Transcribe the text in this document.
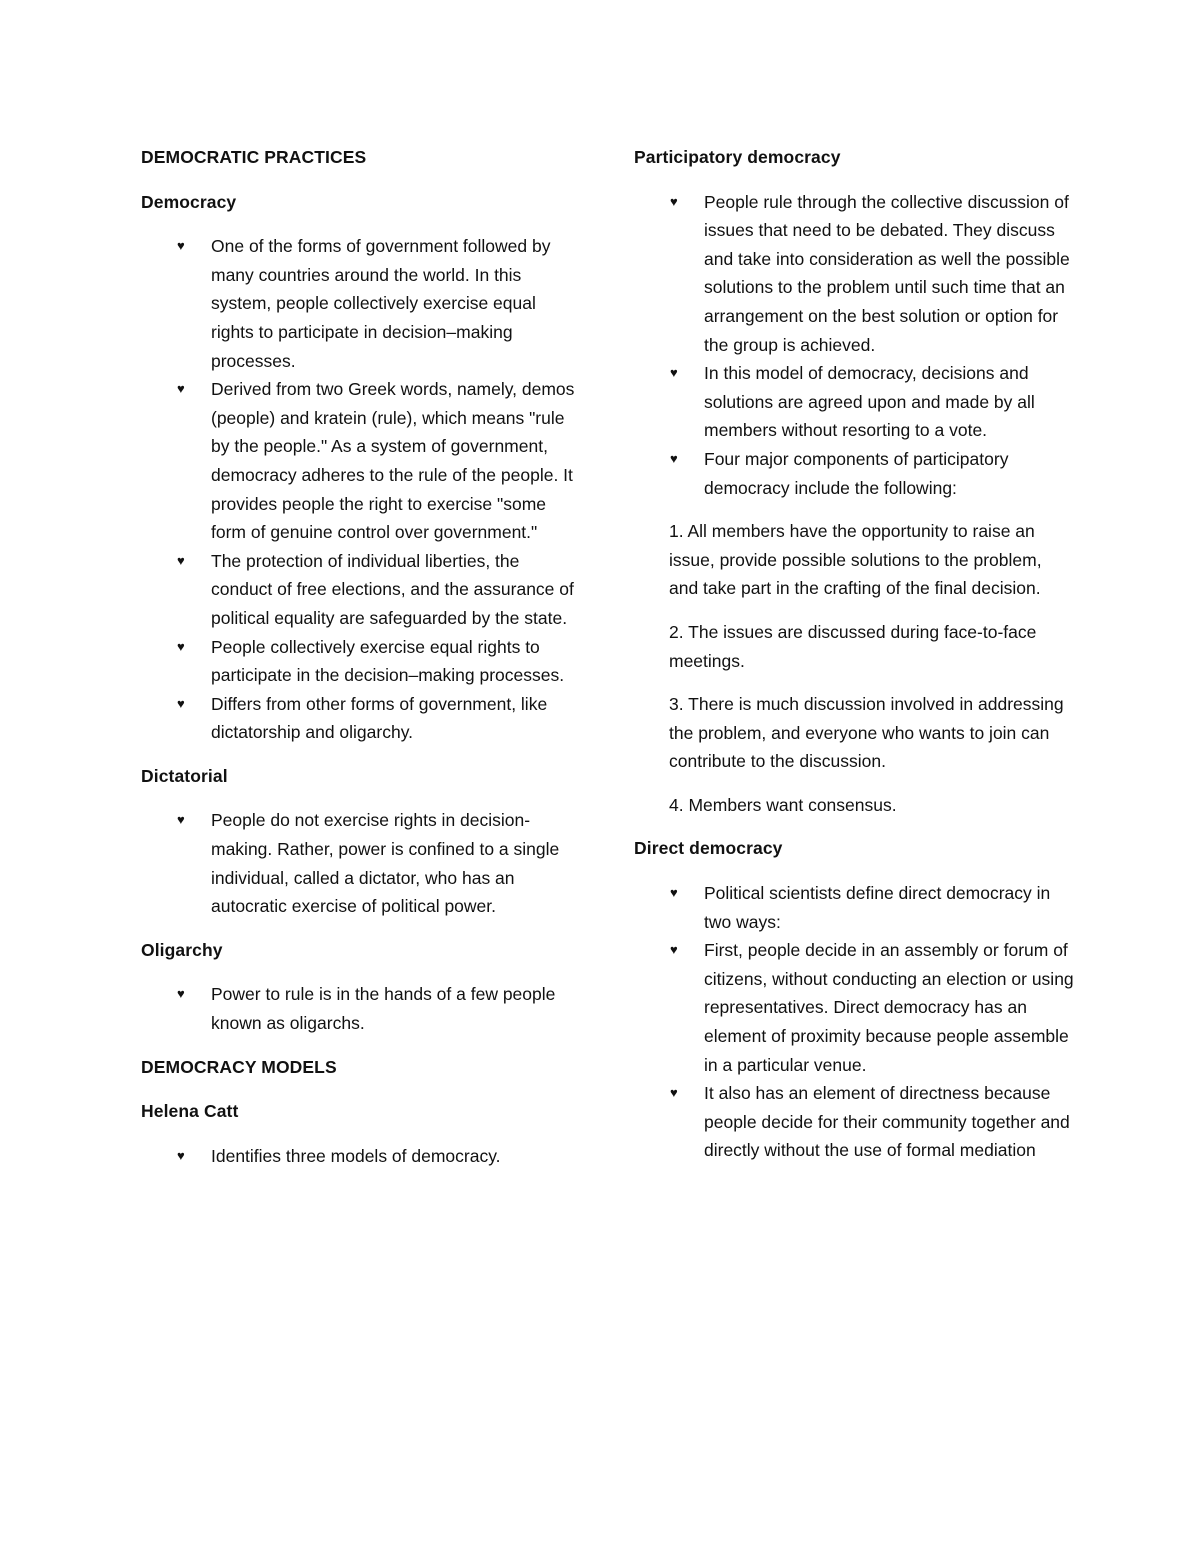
DEMOCRATIC PRACTICES
Democracy
♥ One of the forms of government followed by many countries around the world. In this system, people collectively exercise equal rights to participate in decision–making processes.
♥ Derived from two Greek words, namely, demos (people) and kratein (rule), which means "rule by the people." As a system of government, democracy adheres to the rule of the people. It provides people the right to exercise "some form of genuine control over government."
♥ The protection of individual liberties, the conduct of free elections, and the assurance of political equality are safeguarded by the state.
♥ People collectively exercise equal rights to participate in the decision–making processes.
♥ Differs from other forms of government, like dictatorship and oligarchy.
Dictatorial
♥ People do not exercise rights in decision-making. Rather, power is confined to a single individual, called a dictator, who has an autocratic exercise of political power.
Oligarchy
♥ Power to rule is in the hands of a few people known as oligarchs.
DEMOCRACY MODELS
Helena Catt
♥ Identifies three models of democracy.
Participatory democracy
♥ People rule through the collective discussion of issues that need to be debated. They discuss and take into consideration as well the possible solutions to the problem until such time that an arrangement on the best solution or option for the group is achieved.
♥ In this model of democracy, decisions and solutions are agreed upon and made by all members without resorting to a vote.
♥ Four major components of participatory democracy include the following:
1. All members have the opportunity to raise an issue, provide possible solutions to the problem, and take part in the crafting of the final decision.
2. The issues are discussed during face-to-face meetings.
3. There is much discussion involved in addressing the problem, and everyone who wants to join can contribute to the discussion.
4. Members want consensus.
Direct democracy
♥ Political scientists define direct democracy in two ways:
♥ First, people decide in an assembly or forum of citizens, without conducting an election or using representatives. Direct democracy has an element of proximity because people assemble in a particular venue.
♥ It also has an element of directness because people decide for their community together and directly without the use of formal mediation
